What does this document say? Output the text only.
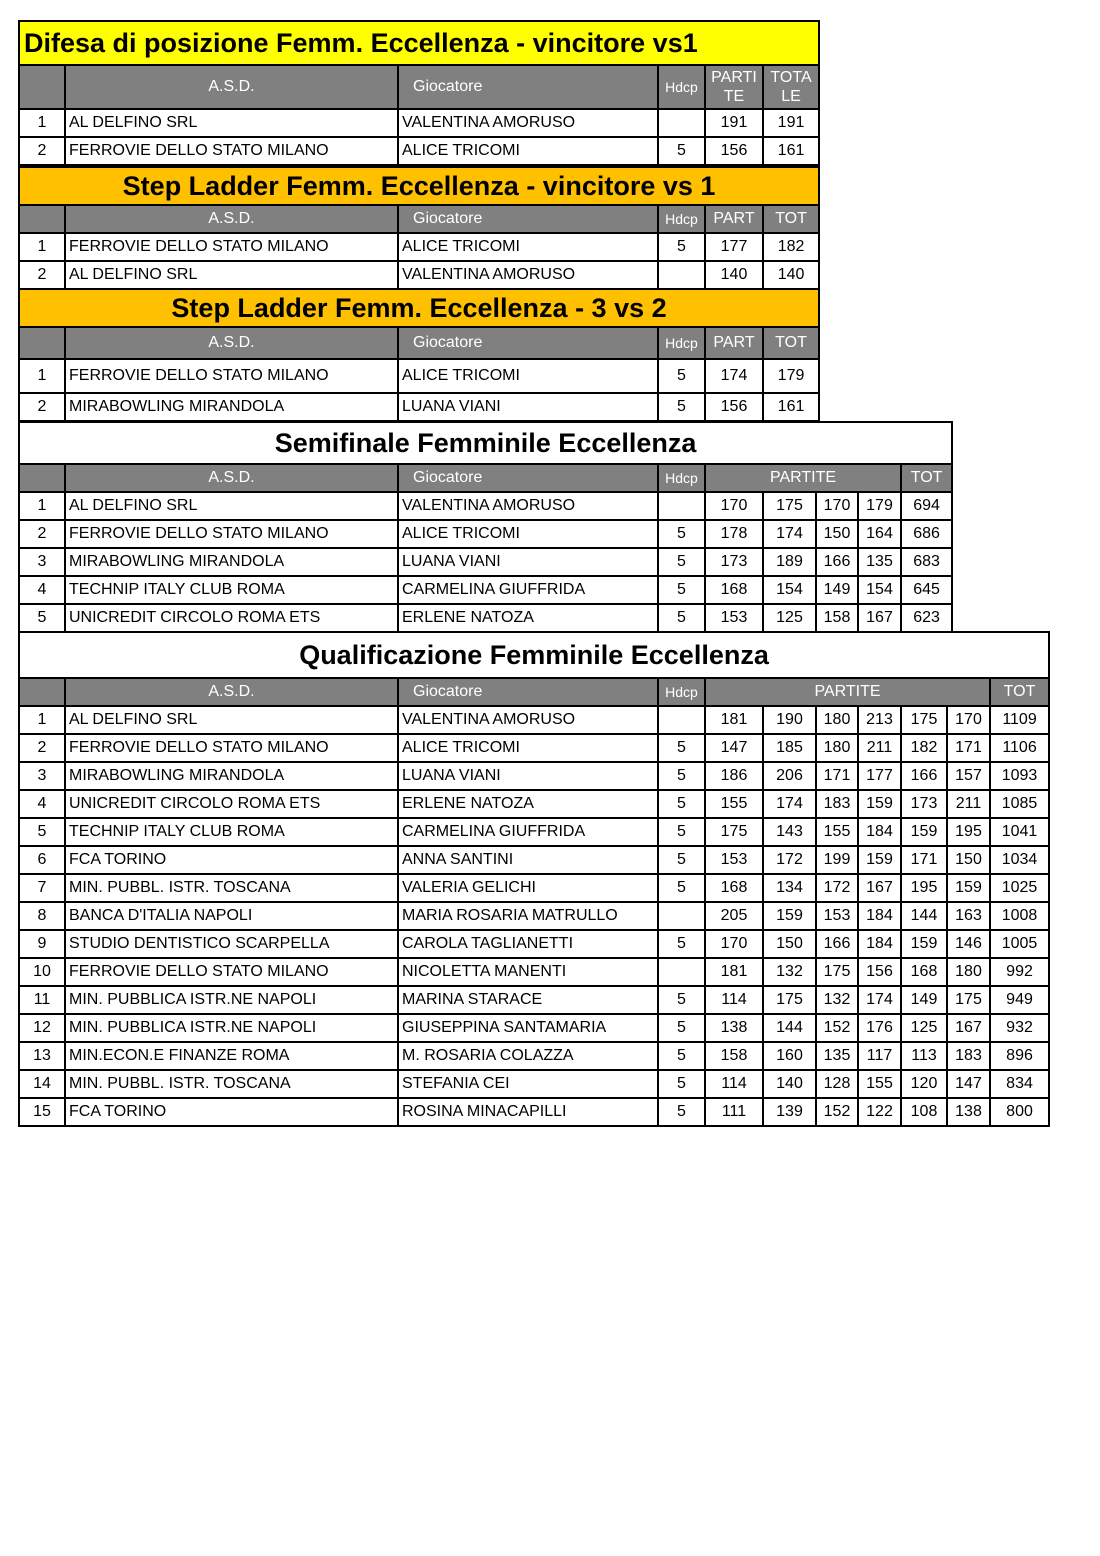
Difesa di posizione Femm. Eccellenza - vincitore vs1					
	A.S.D.	Giocatore	Hdcp	PARTI TE	TOTA LE
1	AL DELFINO SRL	VALENTINA AMORUSO		191	191
2	FERROVIE DELLO STATO MILANO	ALICE TRICOMI	5	156	161
Step Ladder Femm. Eccellenza - vincitore vs 1					
	A.S.D.	Giocatore	Hdcp	PART	TOT
1	FERROVIE DELLO STATO MILANO	ALICE TRICOMI	5	177	182
2	AL DELFINO SRL	VALENTINA AMORUSO		140	140
Step Ladder Femm. Eccellenza - 3 vs 2					
	A.S.D.	Giocatore	Hdcp	PART	TOT
1	FERROVIE DELLO STATO MILANO	ALICE TRICOMI	5	174	179
2	MIRABOWLING MIRANDOLA	LUANA VIANI	5	156	161
Semifinale Femminile Eccellenza								
	A.S.D.	Giocatore	Hdcp	PARTITE				TOT
1	AL DELFINO SRL	VALENTINA AMORUSO		170	175	170	179	694
2	FERROVIE DELLO STATO MILANO	ALICE TRICOMI	5	178	174	150	164	686
3	MIRABOWLING MIRANDOLA	LUANA VIANI	5	173	189	166	135	683
4	TECHNIP ITALY CLUB ROMA	CARMELINA GIUFFRIDA	5	168	154	149	154	645
5	UNICREDIT CIRCOLO ROMA ETS	ERLENE NATOZA	5	153	125	158	167	623
Qualificazione Femminile Eccellenza										
	A.S.D.	Giocatore	Hdcp	PARTITE						TOT
1	AL DELFINO SRL	VALENTINA AMORUSO		181	190	180	213	175	170	1109
2	FERROVIE DELLO STATO MILANO	ALICE TRICOMI	5	147	185	180	211	182	171	1106
3	MIRABOWLING MIRANDOLA	LUANA VIANI	5	186	206	171	177	166	157	1093
4	UNICREDIT CIRCOLO ROMA ETS	ERLENE NATOZA	5	155	174	183	159	173	211	1085
5	TECHNIP ITALY CLUB ROMA	CARMELINA GIUFFRIDA	5	175	143	155	184	159	195	1041
6	FCA TORINO	ANNA SANTINI	5	153	172	199	159	171	150	1034
7	MIN. PUBBL. ISTR. TOSCANA	VALERIA GELICHI	5	168	134	172	167	195	159	1025
8	BANCA D'ITALIA NAPOLI	MARIA ROSARIA MATRULLO		205	159	153	184	144	163	1008
9	STUDIO DENTISTICO SCARPELLA	CAROLA TAGLIANETTI	5	170	150	166	184	159	146	1005
10	FERROVIE DELLO STATO MILANO	NICOLETTA MANENTI		181	132	175	156	168	180	992
11	MIN. PUBBLICA ISTR.NE NAPOLI	MARINA STARACE	5	114	175	132	174	149	175	949
12	MIN. PUBBLICA ISTR.NE NAPOLI	GIUSEPPINA SANTAMARIA	5	138	144	152	176	125	167	932
13	MIN.ECON.E FINANZE ROMA	M. ROSARIA COLAZZA	5	158	160	135	117	113	183	896
14	MIN. PUBBL. ISTR. TOSCANA	STEFANIA CEI	5	114	140	128	155	120	147	834
15	FCA TORINO	ROSINA MINACAPILLI	5	111	139	152	122	108	138	800
